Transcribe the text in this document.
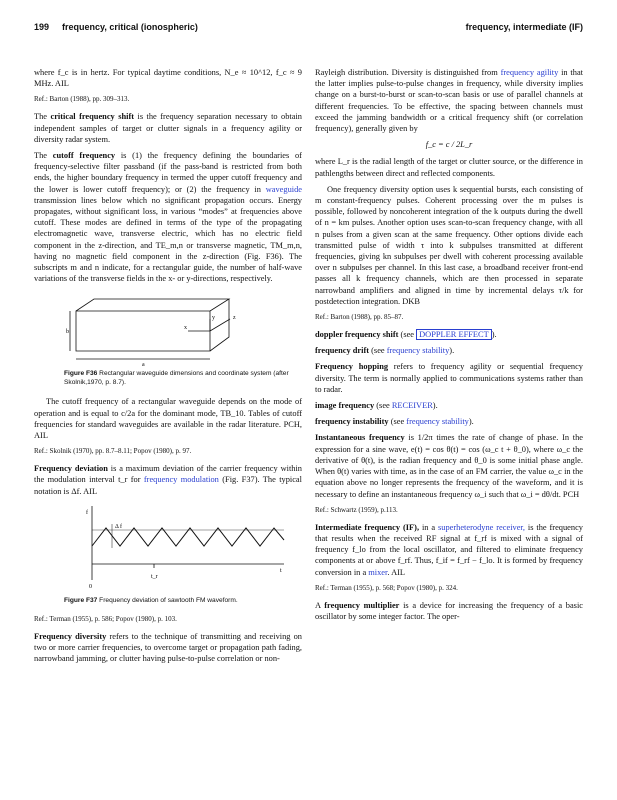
199 frequency, critical (ionospheric)	frequency, intermediate (IF)

where f_c is in hertz. For typical daytime conditions, N_e ≈ 10^12, f_c ≈ 9 MHz. AIL

Ref.: Barton (1988), pp. 309–313.

The critical frequency shift is the frequency separation necessary to obtain independent samples of target or clutter signals in a frequency agility or diversity radar system.

The cutoff frequency is (1) the frequency defining the boundaries of frequency-selective filter passband (if the pass-band is restricted from both ends, the higher boundary frequency in termed the upper cutoff frequency and the lower is lower cutoff frequency); or (2) the frequency in waveguide transmission lines below which no significant propagation occurs. Energy propagates, without significant loss, in various “modes” at frequencies above cutoff. These modes are defined in terms of the type of the propagating electromagnetic wave, transverse electric, which has no electric field component in the z-direction, and TE_m,n or transverse magnetic, TM_m,n, having no magnetic field component in the z-direction (Fig. F36). The subscripts m and n indicate, for a rectangular guide, the number of half-wave variations of the transverse fields in the x- or y-directions, respectively.

b
a
x
y	z
Figure F36 Rectangular waveguide dimensions and coordinate system (after Skolnik,1970, p. 8.7).

The cutoff frequency of a rectangular waveguide depends on the mode of operation and is equal to c/2a for the dominant mode, TB_10. Tables of cutoff frequencies for standard waveguides are available in the radar literature. PCH, AIL

Ref.: Skolnik (1970), pp. 8.7–8.11; Popov (1980), p. 97.

Frequency deviation is a maximum deviation of the carrier frequency within the modulation interval t_r for frequency modulation (Fig. F37). The typical notation is Δf. AIL

f
Δ f
t
0
t_r
Figure F37 Frequency deviation of sawtooth FM waveform.

Ref.: Terman (1955), p. 586; Popov (1980), p. 103.

Frequency diversity refers to the technique of transmitting and receiving on two or more carrier frequencies, to overcome target or propagation path fading, narrowband jamming, or clutter having pulse-to-pulse correlation or non-

Rayleigh distribution. Diversity is distinguished from frequency agility in that the latter implies pulse-to-pulse changes in frequency, while diversity implies change on a burst-to-burst or scan-to-scan basis or use of parallel channels at different frequencies. To be effective, the spacing between channels must exceed the jamming bandwidth or a critical frequency shift (or correlation frequency), generally given by

f_c = c / 2L_r

where L_r is the radial length of the target or clutter source, or the difference in pathlengths between direct and reflected components.

One frequency diversity option uses k sequential bursts, each consisting of m constant-frequency pulses. Coherent processing over the m pulses is possible, followed by noncoherent integration of the k outputs during the dwell of n = km pulses. Another option uses scan-to-scan frequency change, with all n pulses from a given scan at the same frequency. Other options divide each transmitted pulse of width τ into k subpulses transmitted at different frequencies, giving kn subpulses per dwell with coherent processing available over n subpulses per channel. In this last case, a broadband receiver front-end passes all k frequency channels, which are then processed in separate narrowband amplifiers and aligned in time by incremental delays τ/k for postdetection integration. DKB

Ref.: Barton (1988), pp. 85–87.

doppler frequency shift (see DOPPLER EFFECT ).

frequency drift (see frequency stability).

Frequency hopping refers to frequency agility or sequential frequency diversity. The term is normally applied to communications systems rather than to radar.

image frequency (see RECEIVER).

frequency instability (see frequency stability).

Instantaneous frequency is 1/2π times the rate of change of phase. In the expression for a sine wave, e(t) = cos θ(t) = cos (ω_c t + θ_0), where ω_c the derivative of θ(t), is the radian frequency and θ_0 is some initial phase angle. When θ(t) varies with time, as in the case of an FM carrier, the value ω_c in the equation above no longer represents the frequency of the waveform, and it is necessary to define an instantaneous frequency ω_i such that ω_i = dθ/dt. PCH

Ref.: Schwartz (1959), p.113.

Intermediate frequency (IF), in a superheterodyne receiver, is the frequency that results when the received RF signal at f_rf is mixed with a signal of frequency f_lo from the local oscillator, and filtered to eliminate frequency components at or above f_rf. Thus, f_if = f_rf − f_lo. It is formed by frequency conversion in a mixer. AIL

Ref.: Terman (1955), p. 568; Popov (1980), p. 324.

A frequency multiplier is a device for increasing the frequency of a basic oscillator by some integer factor. The oper-
